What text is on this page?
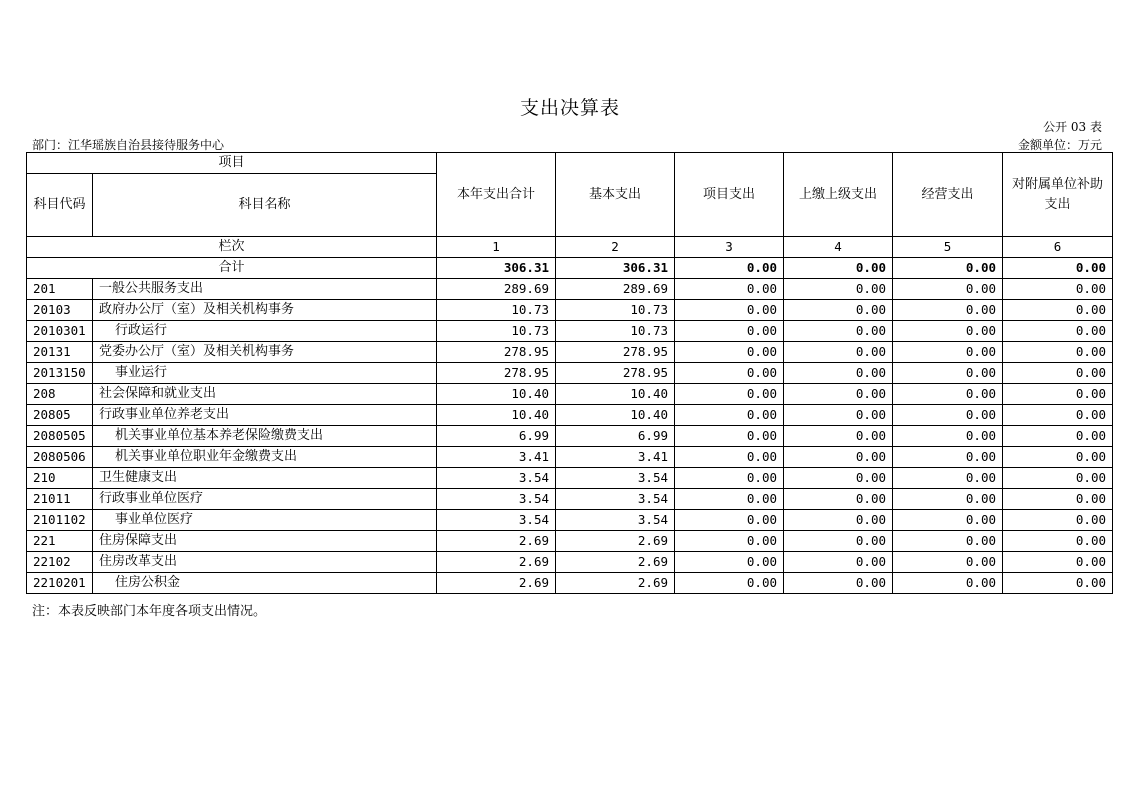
支出决算表
公开 03 表
部门：江华瑶族自治县接待服务中心	金额单位：万元
项目		本年支出合计	基本支出	项目支出	上缴上级支出	经营支出	对附属单位补助支出
科目代码	科目名称						
栏次		1	2	3	4	5	6
合计		306.31	306.31	0.00	0.00	0.00	0.00
201	一般公共服务支出	289.69	289.69	0.00	0.00	0.00	0.00
20103	政府办公厅（室）及相关机构事务	10.73	10.73	0.00	0.00	0.00	0.00
2010301	行政运行	10.73	10.73	0.00	0.00	0.00	0.00
20131	党委办公厅（室）及相关机构事务	278.95	278.95	0.00	0.00	0.00	0.00
2013150	事业运行	278.95	278.95	0.00	0.00	0.00	0.00
208	社会保障和就业支出	10.40	10.40	0.00	0.00	0.00	0.00
20805	行政事业单位养老支出	10.40	10.40	0.00	0.00	0.00	0.00
2080505	机关事业单位基本养老保险缴费支出	6.99	6.99	0.00	0.00	0.00	0.00
2080506	机关事业单位职业年金缴费支出	3.41	3.41	0.00	0.00	0.00	0.00
210	卫生健康支出	3.54	3.54	0.00	0.00	0.00	0.00
21011	行政事业单位医疗	3.54	3.54	0.00	0.00	0.00	0.00
2101102	事业单位医疗	3.54	3.54	0.00	0.00	0.00	0.00
221	住房保障支出	2.69	2.69	0.00	0.00	0.00	0.00
22102	住房改革支出	2.69	2.69	0.00	0.00	0.00	0.00
2210201	住房公积金	2.69	2.69	0.00	0.00	0.00	0.00
注：本表反映部门本年度各项支出情况。
